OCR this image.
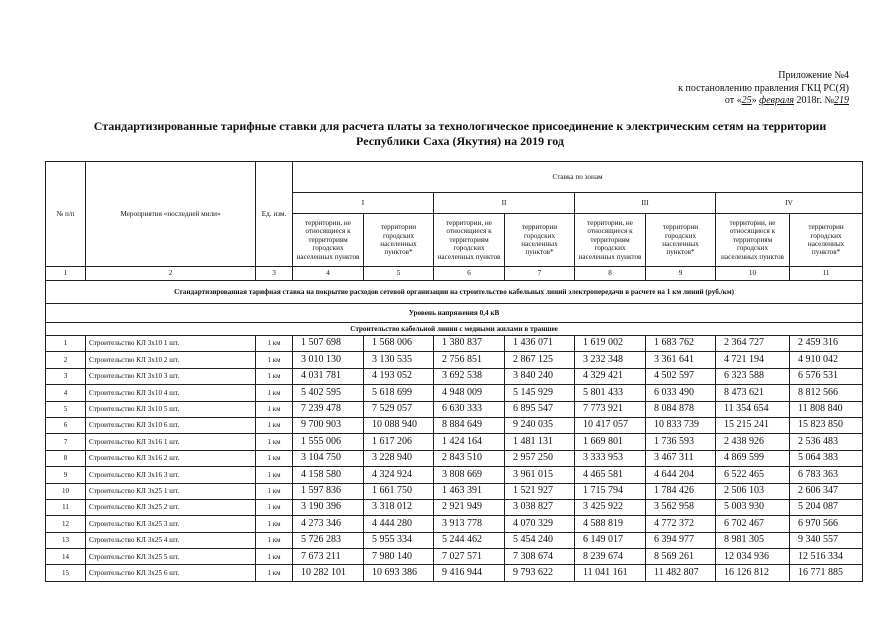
Приложение №4
к постановлению правления ГКЦ РС(Я)
от «25» февраля 2018г. №219
Стандартизированные тарифные ставки для расчета платы за технологическое присоединение к электрическим сетям на территории
Республики Саха (Якутия) на 2019 год
№ п/п	Мероприятия «последней мили»	Ед. изм.	Ставка по зонам							
			I		II		III		IV	
			территории, не относящиеся к территориям городских населенных пунктов	территории городских населенных пунктов*	территории, не относящиеся к территориям городских населенных пунктов	территории городских населенных пунктов*	территории, не относящиеся к территориям городских населенных пунктов	территории городских населенных пунктов*	территории, не относящиеся к территориям городских населенных пунктов	территории городских населенных пунктов*
1	2	3	4	5	6	7	8	9	10	11
Стандартизированная тарифная ставка на покрытие расходов сетевой организации на строительство кабельных линий электропередачи в расчете на 1 км линий (руб./км)										
Уровень напряжения 0,4 кВ										
Строительство кабельной линии с медными жилами в траншее										
1	Строительство КЛ 3x10 1 шт.	1 км	1 507 698	1 568 006	1 380 837	1 436 071	1 619 002	1 683 762	2 364 727	2 459 316
2	Строительство КЛ 3x10 2 шт.	1 км	3 010 130	3 130 535	2 756 851	2 867 125	3 232 348	3 361 641	4 721 194	4 910 042
3	Строительство КЛ 3x10 3 шт.	1 км	4 031 781	4 193 052	3 692 538	3 840 240	4 329 421	4 502 597	6 323 588	6 576 531
4	Строительство КЛ 3x10 4 шт.	1 км	5 402 595	5 618 699	4 948 009	5 145 929	5 801 433	6 033 490	8 473 621	8 812 566
5	Строительство КЛ 3x10 5 шт.	1 км	7 239 478	7 529 057	6 630 333	6 895 547	7 773 921	8 084 878	11 354 654	11 808 840
6	Строительство КЛ 3x10 6 шт.	1 км	9 700 903	10 088 940	8 884 649	9 240 035	10 417 057	10 833 739	15 215 241	15 823 850
7	Строительство КЛ 3x16 1 шт.	1 км	1 555 006	1 617 206	1 424 164	1 481 131	1 669 801	1 736 593	2 438 926	2 536 483
8	Строительство КЛ 3x16 2 шт.	1 км	3 104 750	3 228 940	2 843 510	2 957 250	3 333 953	3 467 311	4 869 599	5 064 383
9	Строительство КЛ 3x16 3 шт.	1 км	4 158 580	4 324 924	3 808 669	3 961 015	4 465 581	4 644 204	6 522 465	6 783 363
10	Строительство КЛ 3x25 1 шт.	1 км	1 597 836	1 661 750	1 463 391	1 521 927	1 715 794	1 784 426	2 506 103	2 606 347
11	Строительство КЛ 3x25 2 шт.	1 км	3 190 396	3 318 012	2 921 949	3 038 827	3 425 922	3 562 958	5 003 930	5 204 087
12	Строительство КЛ 3x25 3 шт.	1 км	4 273 346	4 444 280	3 913 778	4 070 329	4 588 819	4 772 372	6 702 467	6 970 566
13	Строительство КЛ 3x25 4 шт.	1 км	5 726 283	5 955 334	5 244 462	5 454 240	6 149 017	6 394 977	8 981 305	9 340 557
14	Строительство КЛ 3x25 5 шт.	1 км	7 673 211	7 980 140	7 027 571	7 308 674	8 239 674	8 569 261	12 034 936	12 516 334
15	Строительство КЛ 3x25 6 шт.	1 км	10 282 101	10 693 386	9 416 944	9 793 622	11 041 161	11 482 807	16 126 812	16 771 885
